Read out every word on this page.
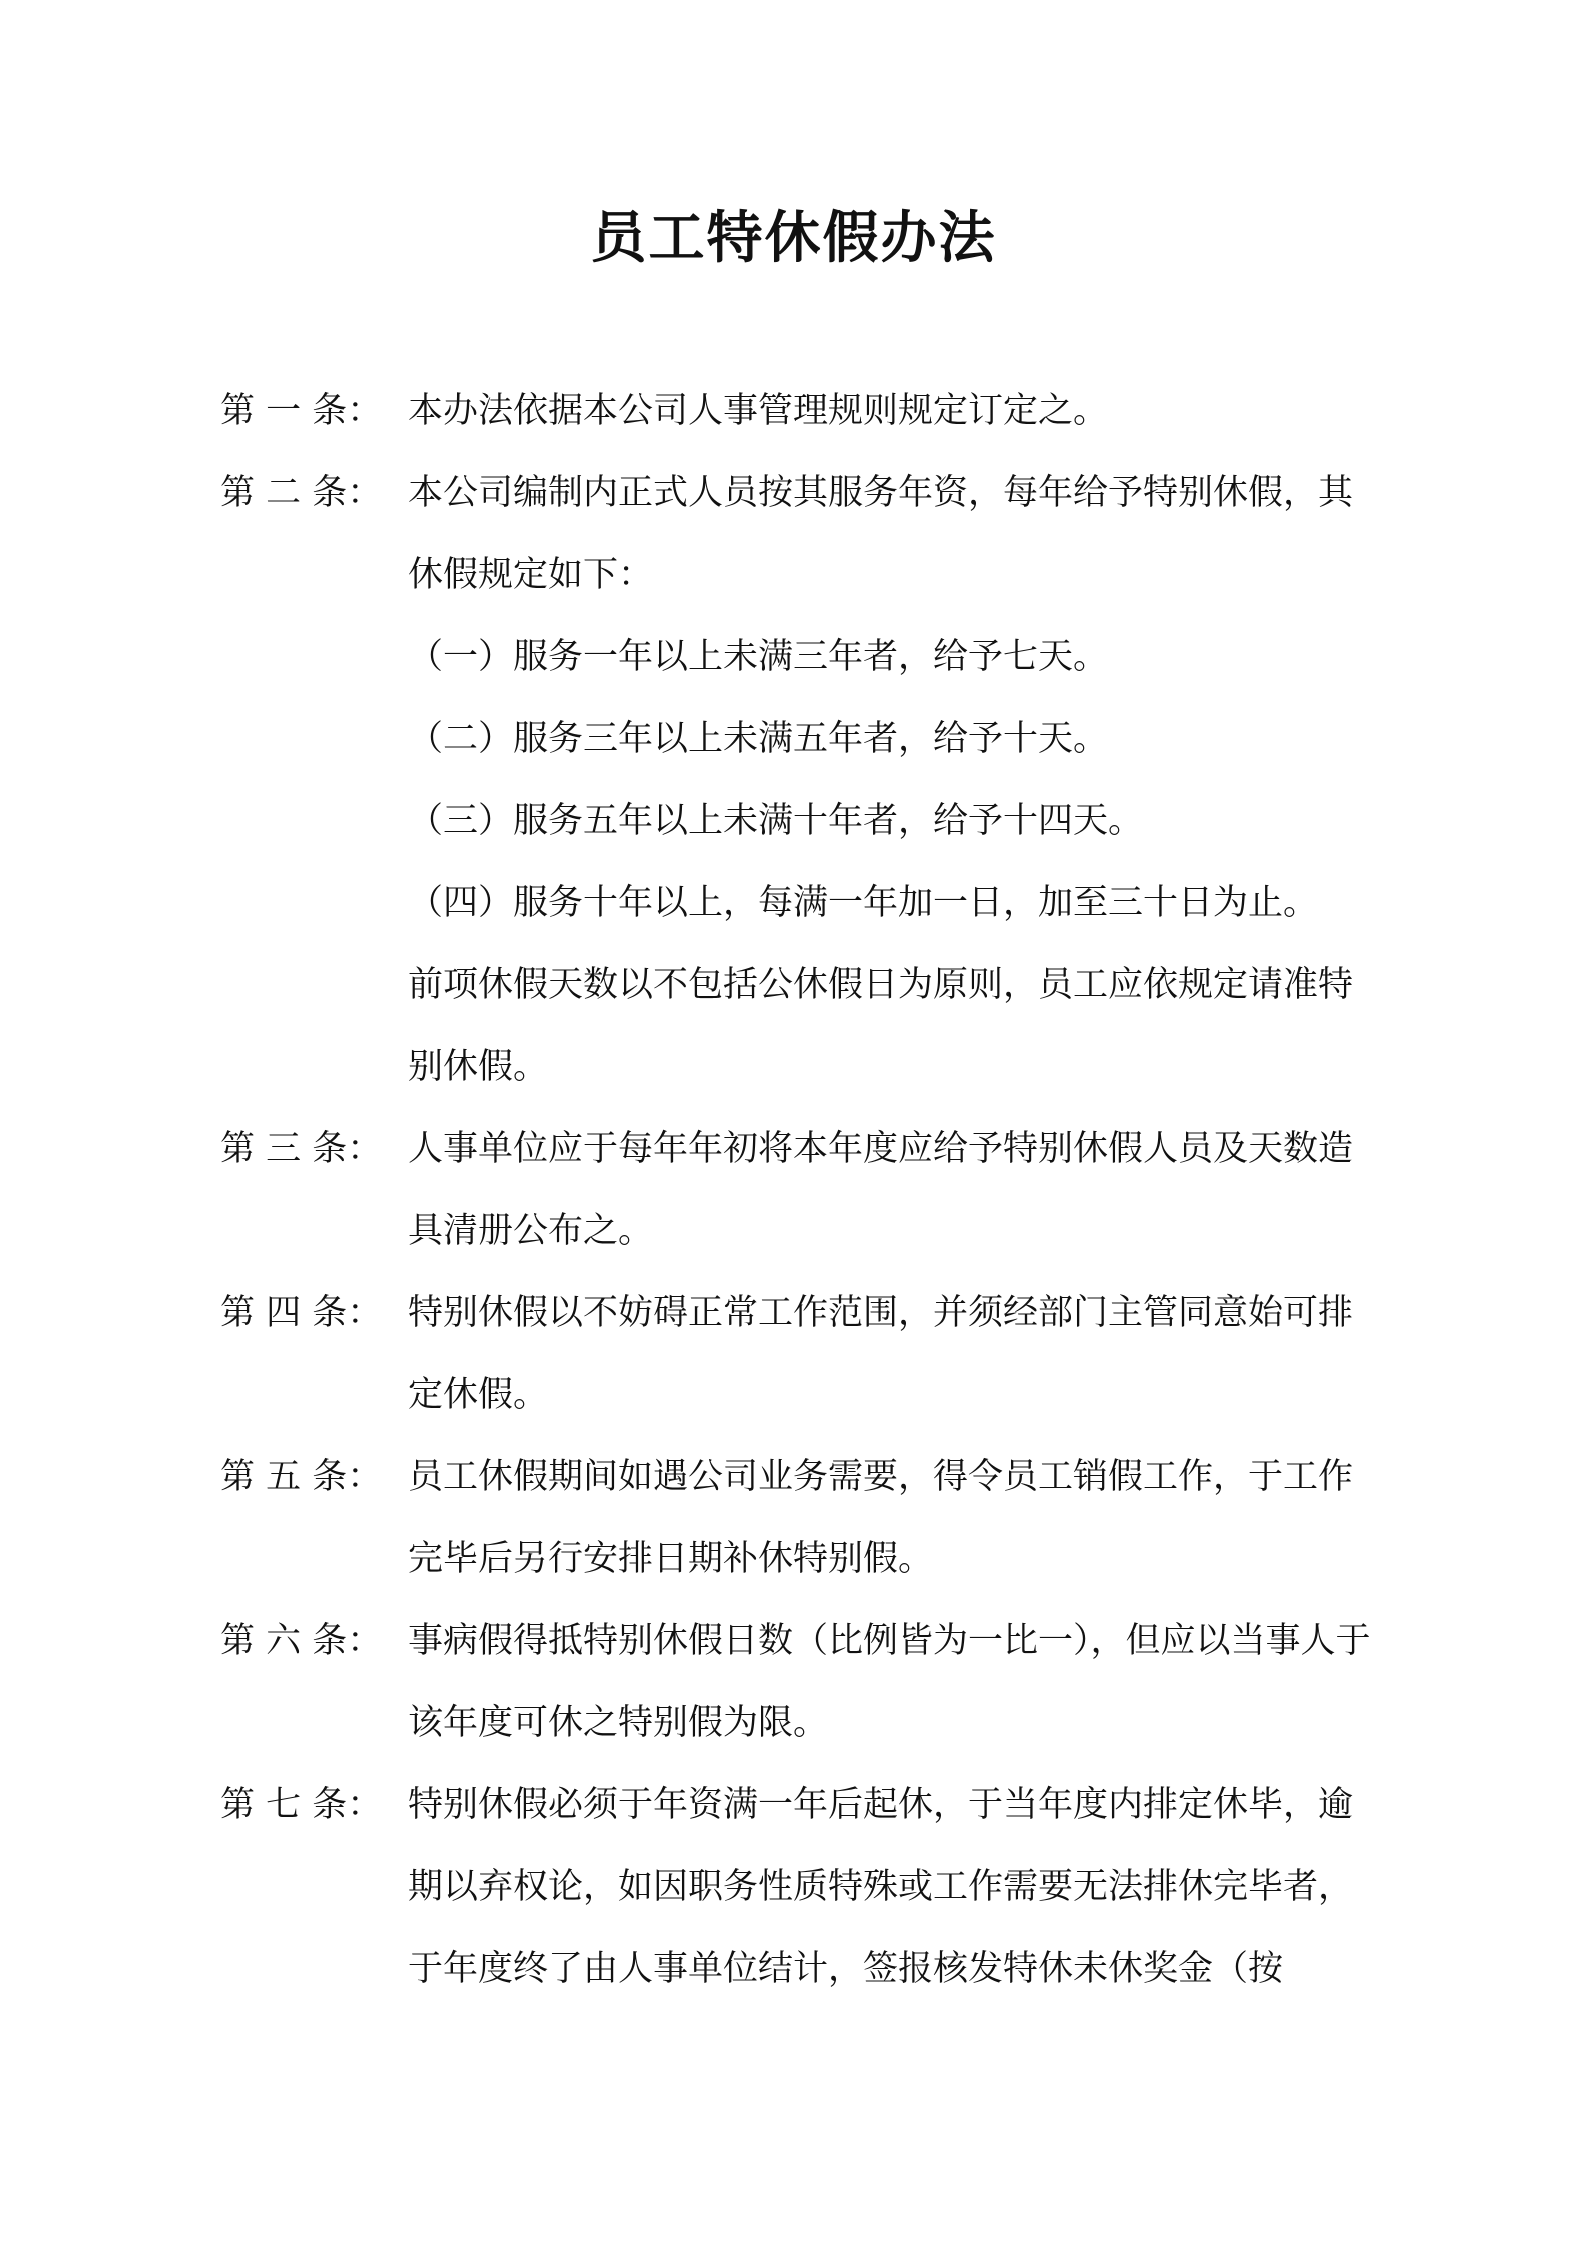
员工特休假办法
第 一 条： 本办法依据本公司人事管理规则规定订定之。
第 二 条： 本公司编制内正式人员按其服务年资，每年给予特别休假，其
休假规定如下：
（一）服务一年以上未满三年者，给予七天。
（二）服务三年以上未满五年者，给予十天。
（三）服务五年以上未满十年者，给予十四天。
（四）服务十年以上，每满一年加一日，加至三十日为止。
前项休假天数以不包括公休假日为原则，员工应依规定请准特
别休假。
第 三 条： 人事单位应于每年年初将本年度应给予特别休假人员及天数造
具清册公布之。
第 四 条： 特别休假以不妨碍正常工作范围，并须经部门主管同意始可排
定休假。
第 五 条： 员工休假期间如遇公司业务需要，得令员工销假工作，于工作
完毕后另行安排日期补休特别假。
第 六 条： 事病假得抵特别休假日数（比例皆为一比一），但应以当事人于
该年度可休之特别假为限。
第 七 条： 特别休假必须于年资满一年后起休，于当年度内排定休毕，逾
期以弃权论，如因职务性质特殊或工作需要无法排休完毕者，
于年度终了由人事单位结计，签报核发特休未休奖金（按
